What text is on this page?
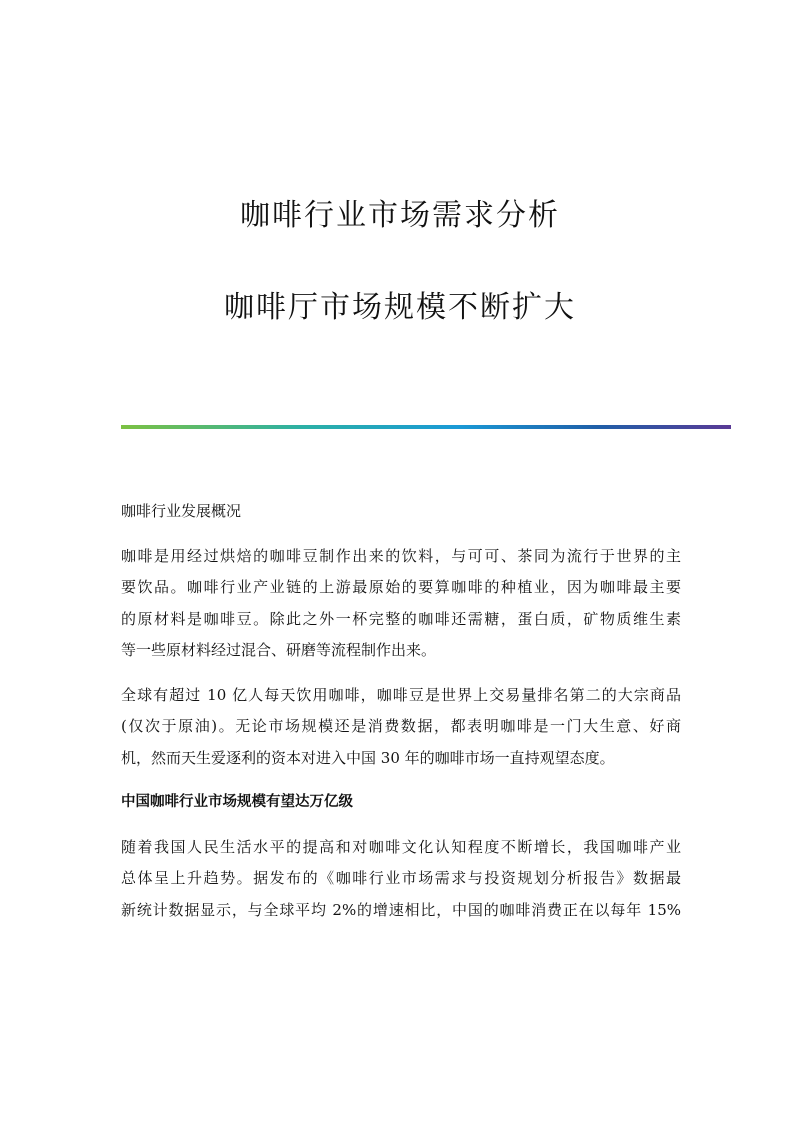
咖啡行业市场需求分析
咖啡厅市场规模不断扩大
咖啡行业发展概况
咖啡是用经过烘焙的咖啡豆制作出来的饮料，与可可、茶同为流行于世界的主
要饮品。咖啡行业产业链的上游最原始的要算咖啡的种植业，因为咖啡最主要
的原材料是咖啡豆。除此之外一杯完整的咖啡还需糖，蛋白质，矿物质维生素
等一些原材料经过混合、研磨等流程制作出来。
全球有超过 10 亿人每天饮用咖啡，咖啡豆是世界上交易量排名第二的大宗商品
(仅次于原油)。无论市场规模还是消费数据，都表明咖啡是一门大生意、好商
机，然而天生爱逐利的资本对进入中国 30 年的咖啡市场一直持观望态度。
中国咖啡行业市场规模有望达万亿级
随着我国人民生活水平的提高和对咖啡文化认知程度不断增长，我国咖啡产业
总体呈上升趋势。据发布的《咖啡行业市场需求与投资规划分析报告》数据最
新统计数据显示，与全球平均 2%的增速相比，中国的咖啡消费正在以每年 15%
